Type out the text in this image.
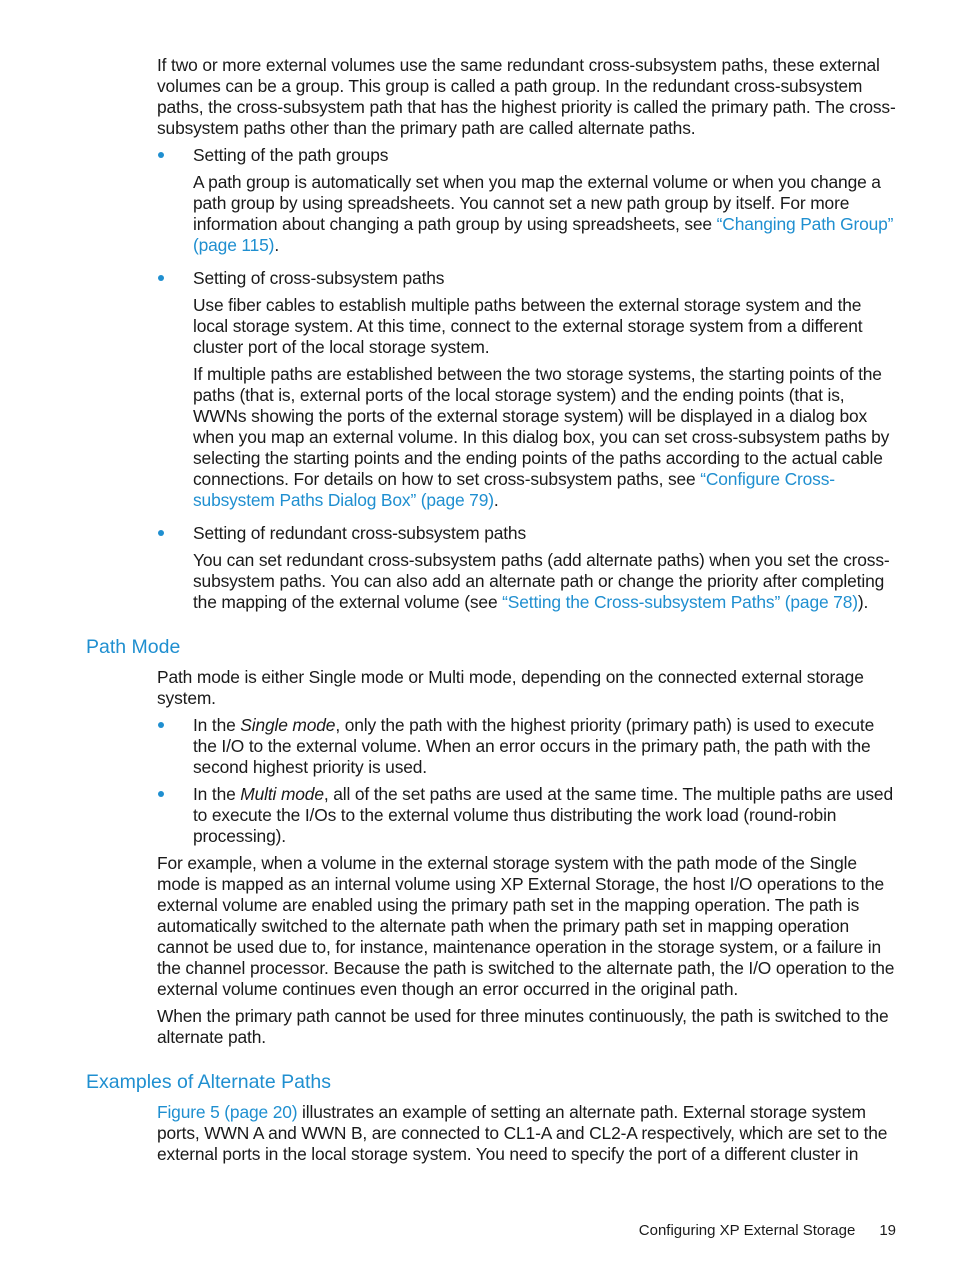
If two or more external volumes use the same redundant cross-subsystem paths, these external volumes can be a group. This group is called a path group. In the redundant cross-subsystem paths, the cross-subsystem path that has the highest priority is called the primary path. The cross-subsystem paths other than the primary path are called alternate paths.

Setting of the path groups

A path group is automatically set when you map the external volume or when you change a path group by using spreadsheets. You cannot set a new path group by itself. For more information about changing a path group by using spreadsheets, see “Changing Path Group” (page 115).

Setting of cross-subsystem paths

Use fiber cables to establish multiple paths between the external storage system and the local storage system. At this time, connect to the external storage system from a different cluster port of the local storage system.

If multiple paths are established between the two storage systems, the starting points of the paths (that is, external ports of the local storage system) and the ending points (that is, WWNs showing the ports of the external storage system) will be displayed in a dialog box when you map an external volume. In this dialog box, you can set cross-subsystem paths by selecting the starting points and the ending points of the paths according to the actual cable connections. For details on how to set cross-subsystem paths, see “Configure Cross-subsystem Paths Dialog Box” (page 79).

Setting of redundant cross-subsystem paths

You can set redundant cross-subsystem paths (add alternate paths) when you set the cross-subsystem paths. You can also add an alternate path or change the priority after completing the mapping of the external volume (see “Setting the Cross-subsystem Paths” (page 78)).

Path Mode

Path mode is either Single mode or Multi mode, depending on the connected external storage system.

In the Single mode, only the path with the highest priority (primary path) is used to execute the I/O to the external volume. When an error occurs in the primary path, the path with the second highest priority is used.

In the Multi mode, all of the set paths are used at the same time. The multiple paths are used to execute the I/Os to the external volume thus distributing the work load (round-robin processing).

For example, when a volume in the external storage system with the path mode of the Single mode is mapped as an internal volume using XP External Storage, the host I/O operations to the external volume are enabled using the primary path set in the mapping operation. The path is automatically switched to the alternate path when the primary path set in mapping operation cannot be used due to, for instance, maintenance operation in the storage system, or a failure in the channel processor. Because the path is switched to the alternate path, the I/O operation to the external volume continues even though an error occurred in the original path.

When the primary path cannot be used for three minutes continuously, the path is switched to the alternate path.

Examples of Alternate Paths

Figure 5 (page 20) illustrates an example of setting an alternate path. External storage system ports, WWN A and WWN B, are connected to CL1-A and CL2-A respectively, which are set to the external ports in the local storage system. You need to specify the port of a different cluster in

Configuring XP External Storage 19
